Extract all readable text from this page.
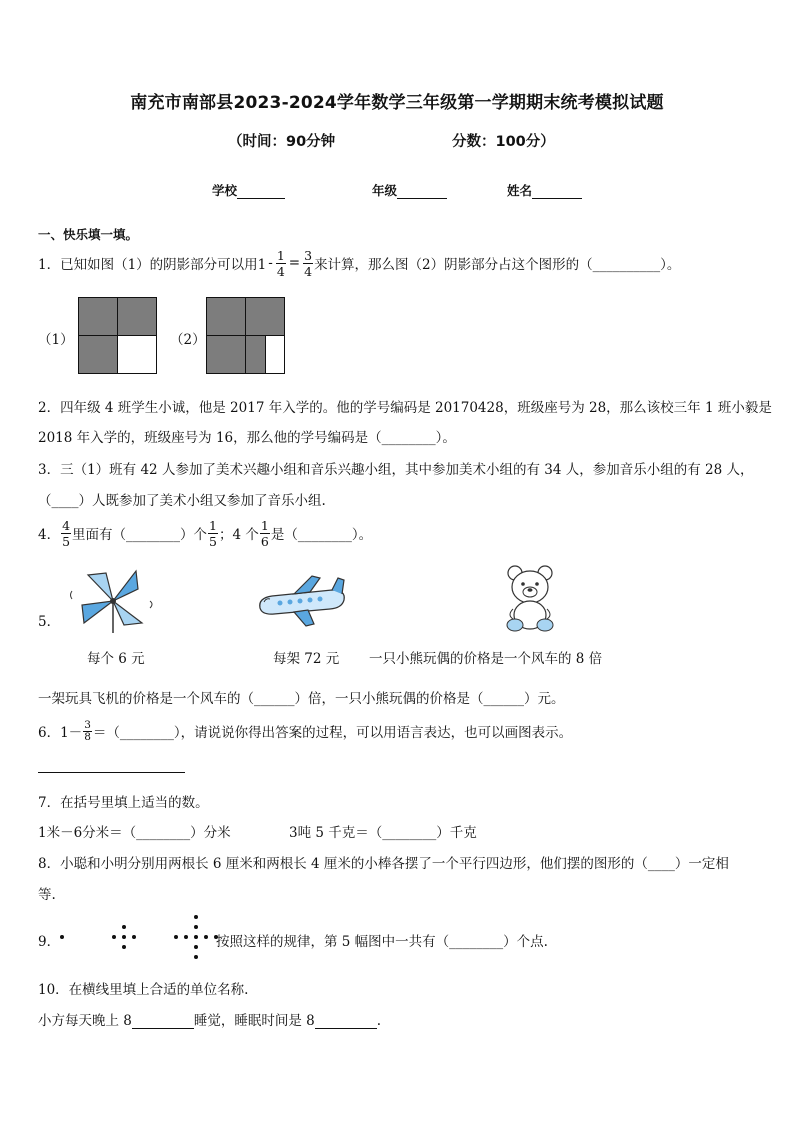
南充市南部县2023-2024学年数学三年级第一学期期末统考模拟试题
（时间：90分钟	分数：100分）
学校	年级	姓名
一、快乐填一填。
1．已知如图（1）的阴影部分可以用$1 - \frac{1}{4} = \frac{3}{4}$ 来计算，那么图（2）阴影部分占这个图形的（__________）。
（1）	（2）
2．四年级 4 班学生小诚，他是 2017 年入学的。他的学号编码是 20170428，班级座号为 28，那么该校三年 1 班小毅是
2018 年入学的，班级座号为 16，那么他的学号编码是（________）。
3．三（1）班有 42 人参加了美术兴趣小组和音乐兴趣小组，其中参加美术小组的有 34 人，参加音乐小组的有 28 人，
（____）人既参加了美术小组又参加了音乐小组.
4． $\frac{4}{5}$ 里面有（________）个 $\frac{1}{5}$ ；4 个 $\frac{1}{6}$ 是（________）。
5．
每个 6 元	每架 72 元 一只小熊玩偶的价格是一个风车的 8 倍
一架玩具飞机的价格是一个风车的（______）倍，一只小熊玩偶的价格是（______）元。
6．$1- \frac{3}{8}$ ＝（________），请说说你得出答案的过程，可以用语言表达，也可以画图表示。
7．在括号里填上适当的数。
1米－6分米＝（________）分米	3吨 5 千克＝（________）千克
8．小聪和小明分别用两根长 6 厘米和两根长 4 厘米的小棒各摆了一个平行四边形，他们摆的图形的（____）一定相
等.
9．	按照这样的规律，第 5 幅图中一共有（________）个点.
10．在横线里填上合适的单位名称.
小方每天晚上 8	睡觉，睡眠时间是 8	.
